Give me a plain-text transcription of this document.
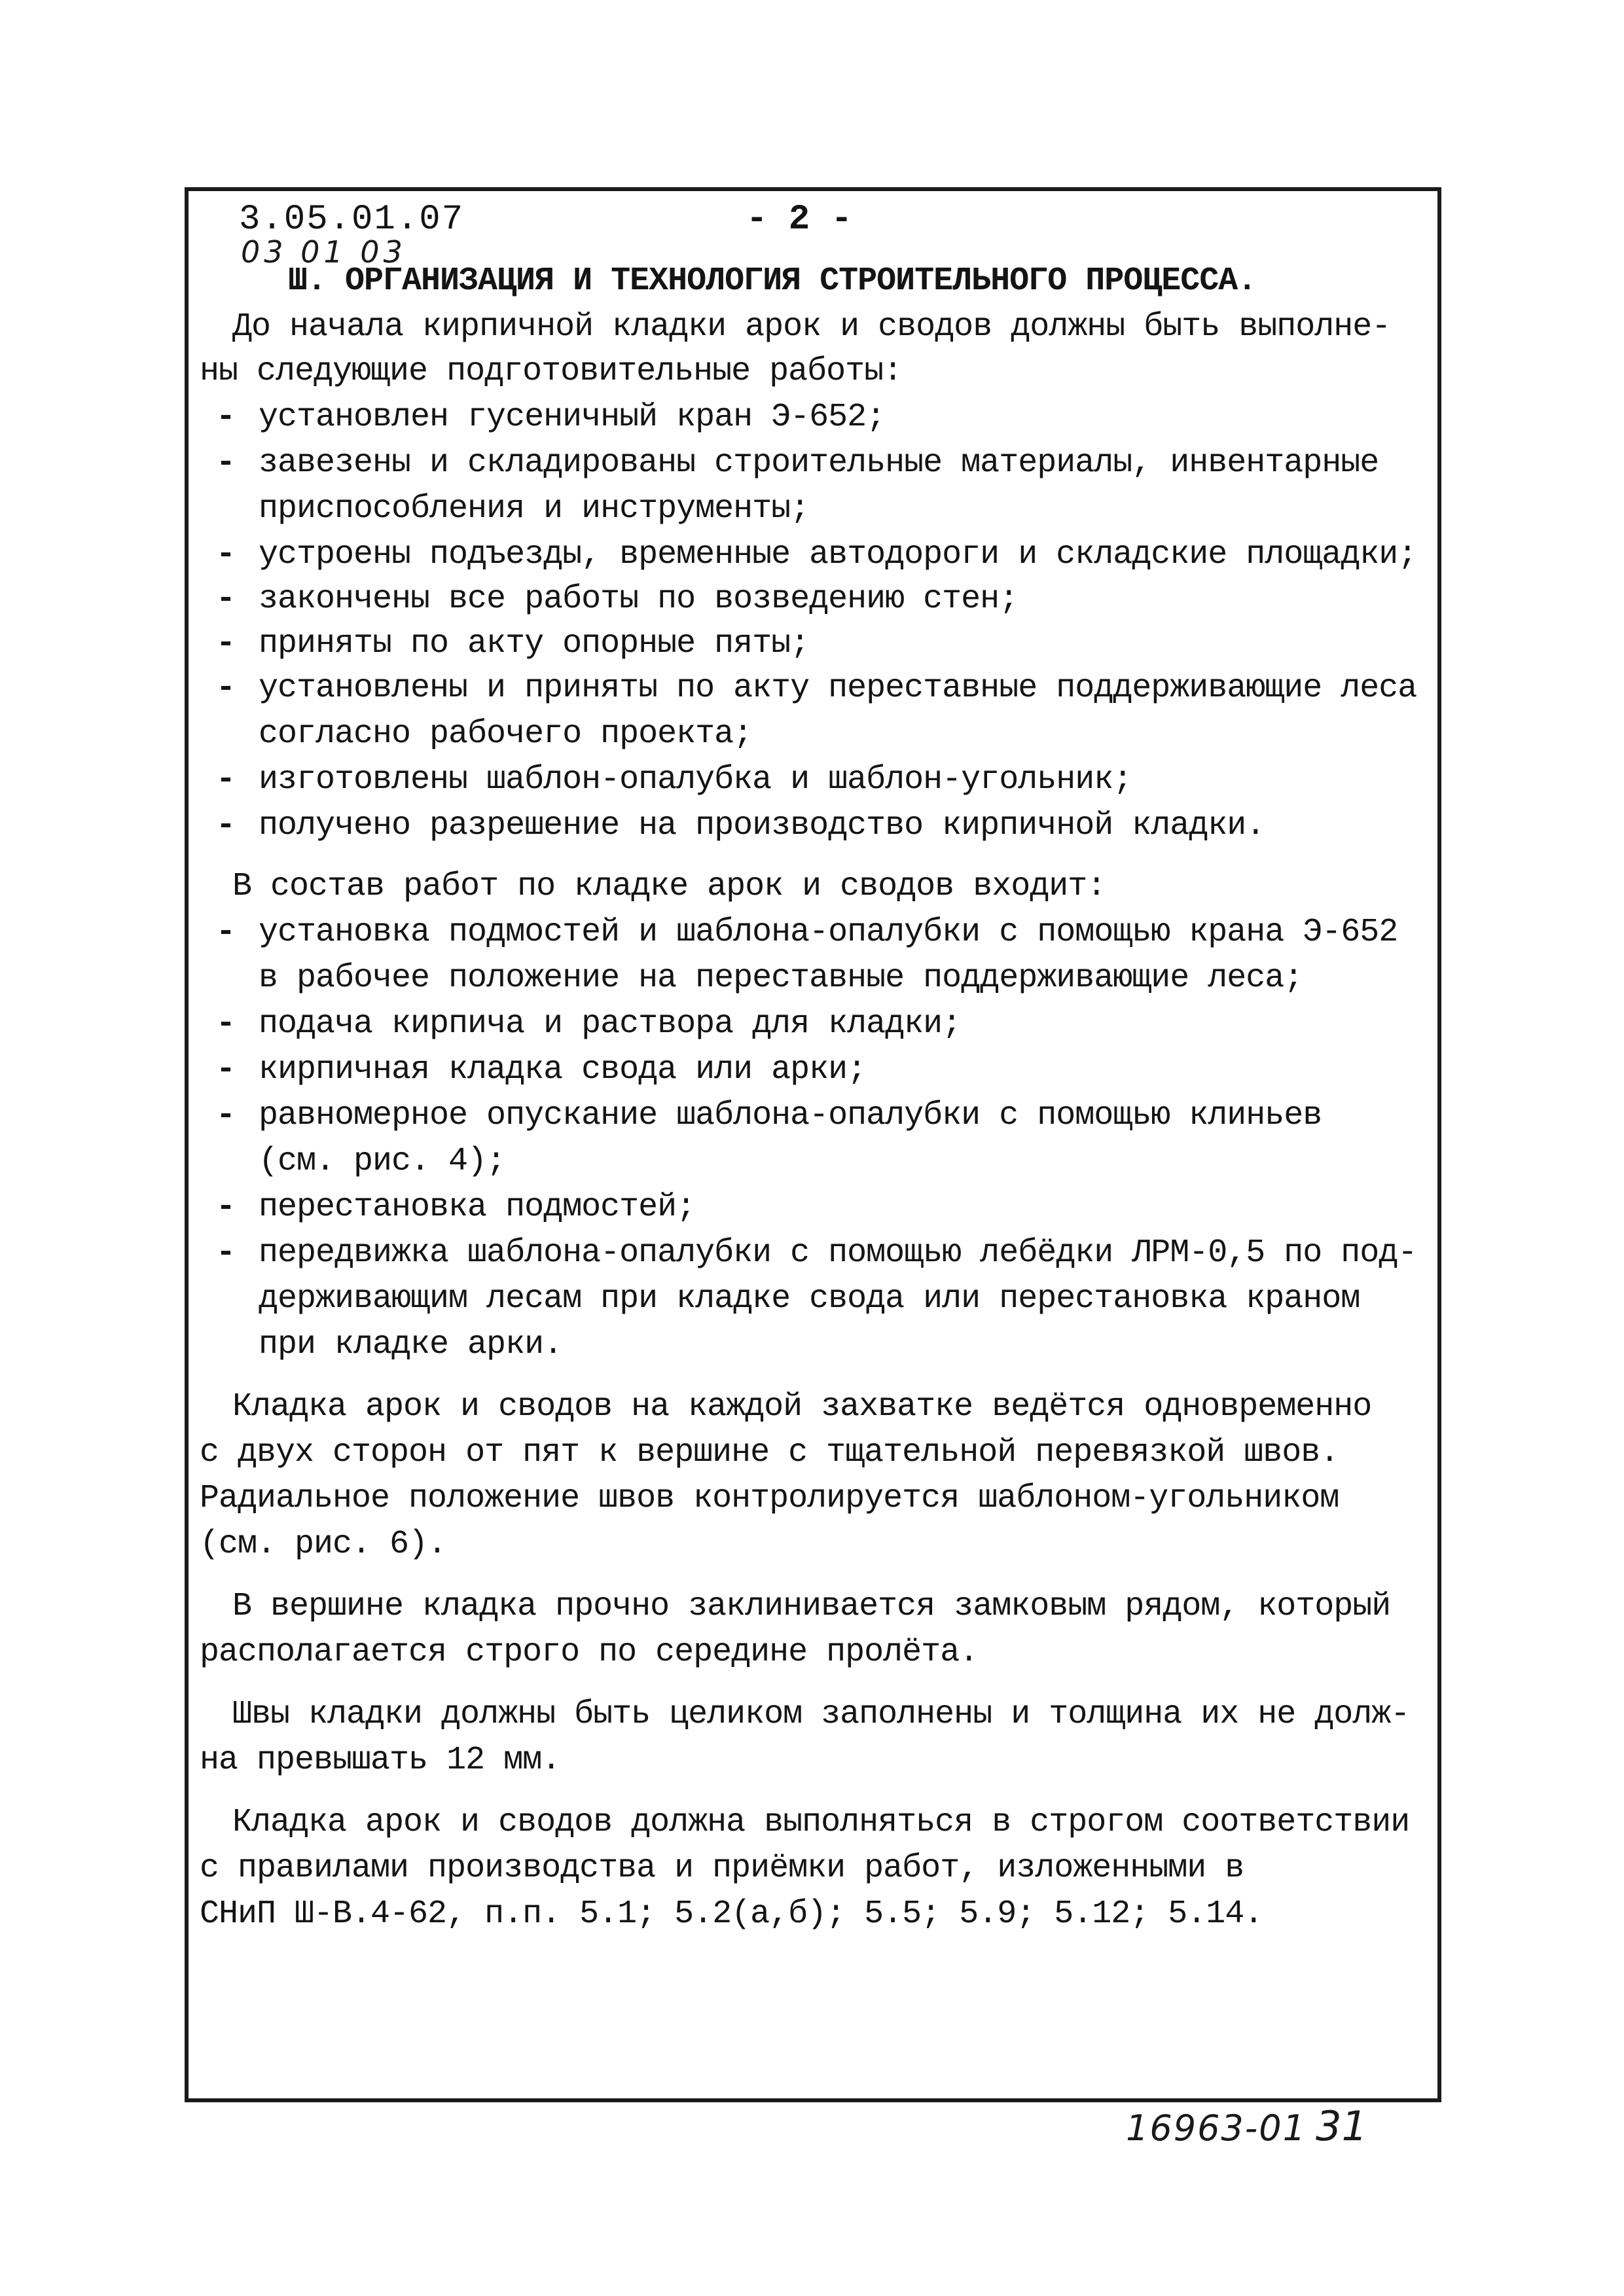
3.05.01.07
03 01 03
- 2 -
Ш. ОРГАНИЗАЦИЯ И ТЕХНОЛОГИЯ СТРОИТЕЛЬНОГО ПРОЦЕССА.
До начала кирпичной кладки арок и сводов должны быть выполне-
ны следующие подготовительные работы:
- установлен гусеничный кран Э-652;
- завезены и складированы строительные материалы, инвентарные
приспособления и инструменты;
- устроены подъезды, временные автодороги и складские площадки;
- закончены все работы по возведению стен;
- приняты по акту опорные пяты;
- установлены и приняты по акту переставные поддерживающие леса
согласно рабочего проекта;
- изготовлены шаблон-опалубка и шаблон-угольник;
- получено разрешение на производство кирпичной кладки.
В состав работ по кладке арок и сводов входит:
- установка подмостей и шаблона-опалубки с помощью крана Э-652
в рабочее положение на переставные поддерживающие леса;
- подача кирпича и раствора для кладки;
- кирпичная кладка свода или арки;
- равномерное опускание шаблона-опалубки с помощью клиньев
(см. рис. 4);
- перестановка подмостей;
- передвижка шаблона-опалубки с помощью лебёдки ЛРМ-0,5 по под-
держивающим лесам при кладке свода или перестановка краном
при кладке арки.
Кладка арок и сводов на каждой захватке ведётся одновременно
с двух сторон от пят к вершине с тщательной перевязкой швов.
Радиальное положение швов контролируется шаблоном-угольником
(см. рис. 6).
В вершине кладка прочно заклинивается замковым рядом, который
располагается строго по середине пролёта.
Швы кладки должны быть целиком заполнены и толщина их не долж-
на превышать 12 мм.
Кладка арок и сводов должна выполняться в строгом соответствии
с правилами производства и приёмки работ, изложенными в
СНиП Ш-В.4-62, п.п. 5.1; 5.2(а,б); 5.5; 5.9; 5.12; 5.14.
16963-01 31
